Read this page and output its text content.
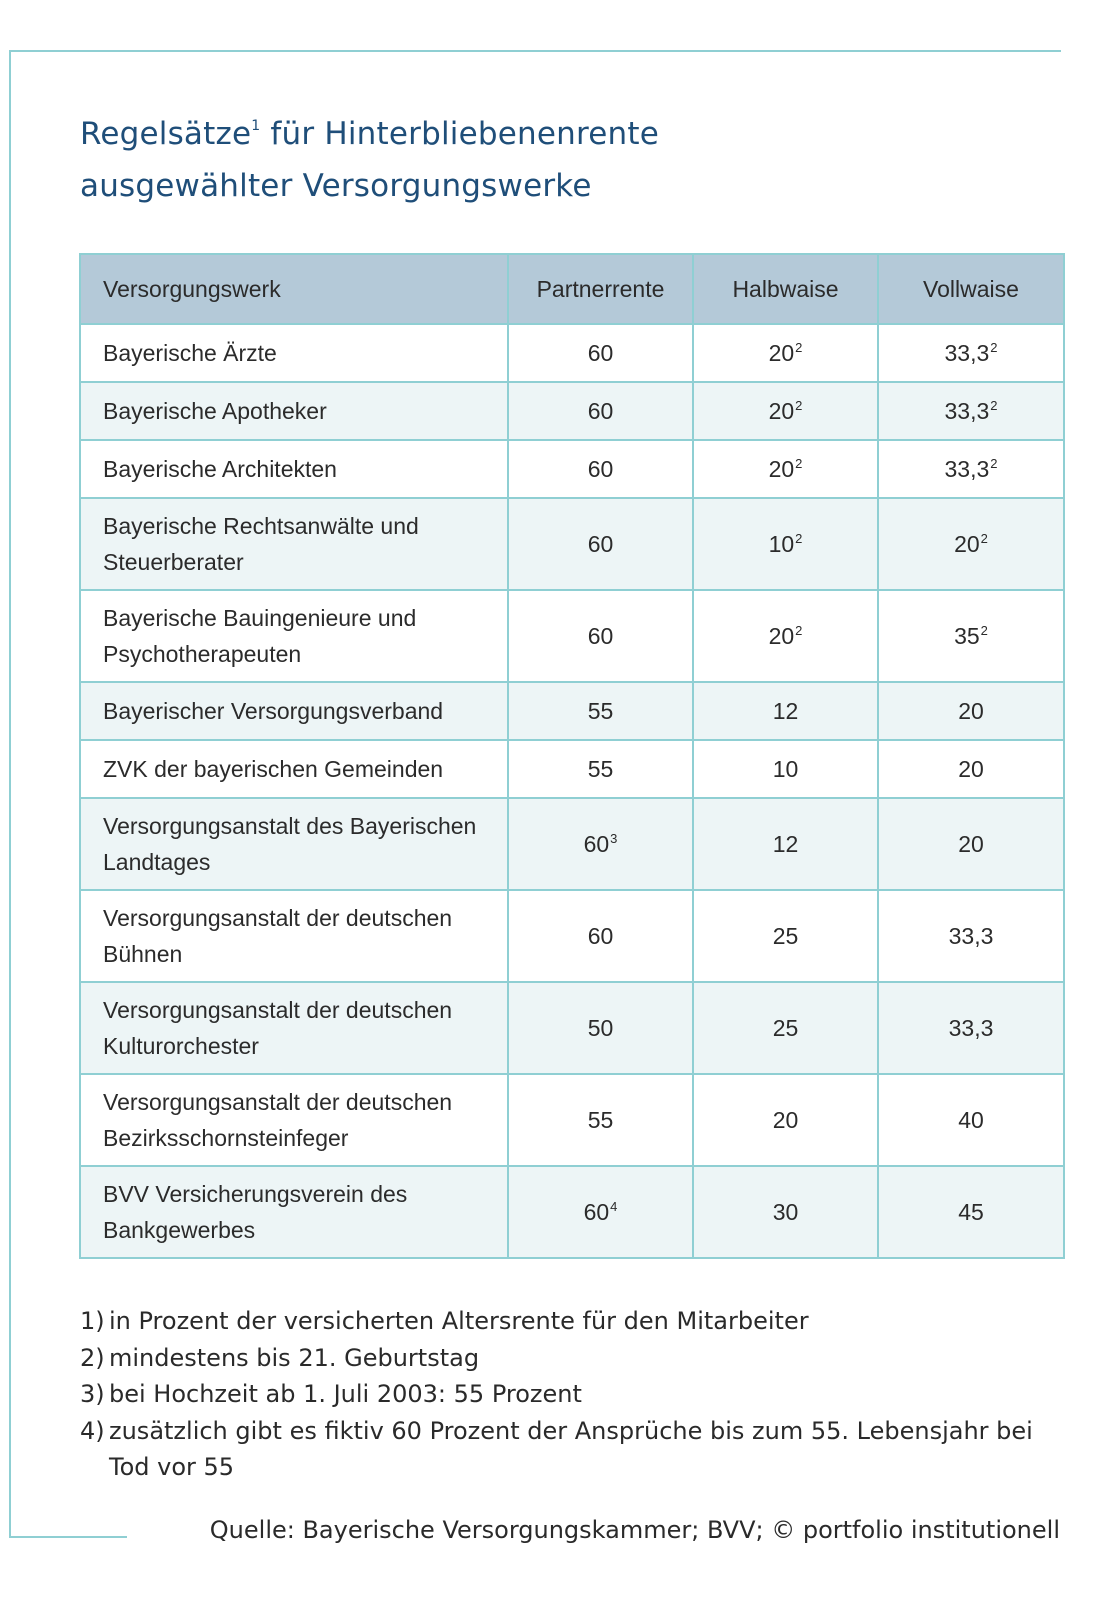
Regelsätze$^1$ für Hinterbliebenenrente
ausgewählter Versorgungswerke
Versorgungswerk	Partnerrente	Halbwaise	Vollwaise
Bayerische Ärzte	60	$20^2$	33,3$^2$
Bayerische Apotheker	60	$20^2$	33,3$^2$
Bayerische Architekten	60	$20^2$	33,3$^2$

Bayerische Rechtsanwälte und
Steuerberater	60	$10^2$	$20^2$

Bayerische Bauingenieure und
Psychotherapeuten	60	$20^2$	$35^2$
Bayerischer Versorgungsverband	55	12	20
ZVK der bayerischen Gemeinden	55	10	20

Versorgungsanstalt des Bayerischen
Landtages	$60^3$	12	20

Versorgungsanstalt der deutschen
Bühnen	60	25	33,3

Versorgungsanstalt der deutschen
Kulturorchester	50	25	33,3

Versorgungsanstalt der deutschen
Bezirksschornsteinfeger	55	20	40

BVV Versicherungsverein des
Bankgewerbes	$60^4$	30	45
1) in Prozent der versicherten Altersrente für den Mitarbeiter
2) mindestens bis 21. Geburtstag
3) bei Hochzeit ab 1. Juli 2003: 55 Prozent
4) zusätzlich gibt es fiktiv 60 Prozent der Ansprüche bis zum 55. Lebensjahr bei Tod vor 55
Quelle: Bayerische Versorgungskammer; BVV; © portfolio institutionell
